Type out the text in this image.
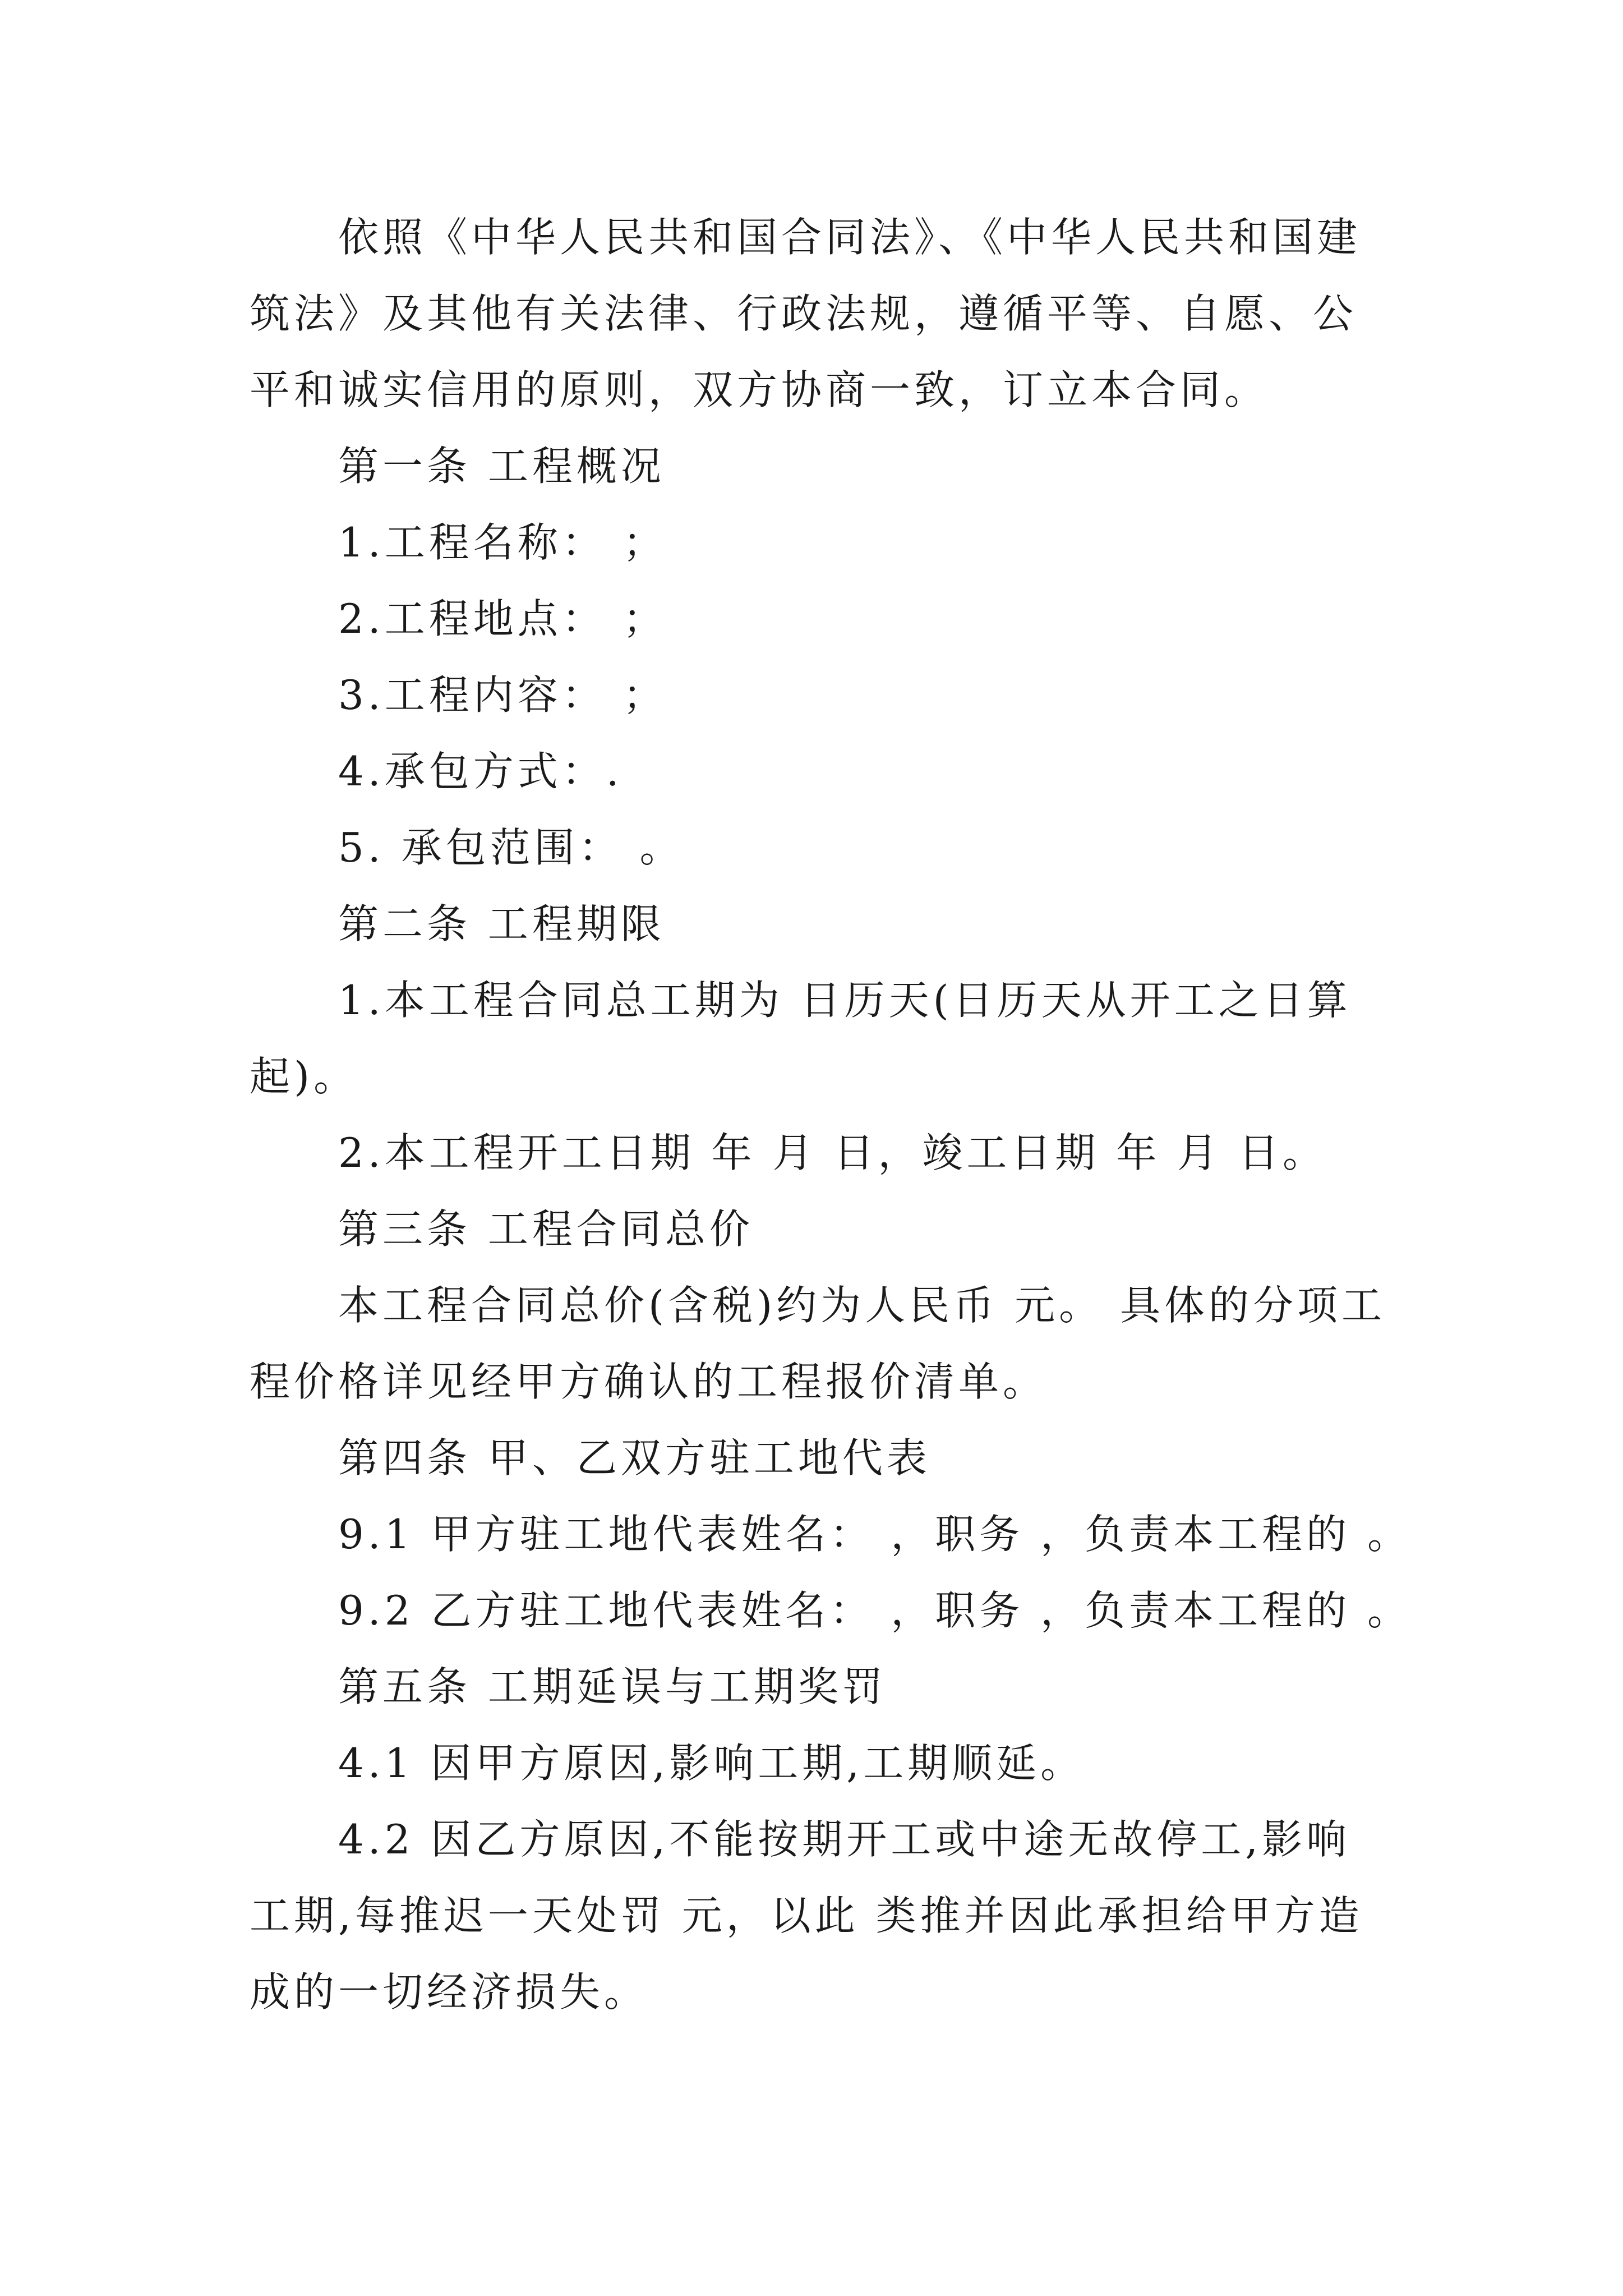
依照《中华人民共和国合同法》、《中华人民共和国建筑法》及其他有关法律、行政法规，遵循平等、自愿、公平和诚实信用的原则，双方协商一致，订立本合同。

第一条 工程概况

1.工程名称： ；

2.工程地点： ；

3.工程内容： ；

4.承包方式：.

5. 承包范围： 。

第二条 工程期限

1.本工程合同总工期为 日历天(日历天从开工之日算起)。

2.本工程开工日期 年 月 日，竣工日期 年 月 日。

第三条 工程合同总价

本工程合同总价(含税)约为人民币 元。 具体的分项工程价格详见经甲方确认的工程报价清单。

第四条 甲、乙双方驻工地代表

9.1 甲方驻工地代表姓名： ，职务 ，负责本工程的 。

9.2 乙方驻工地代表姓名： ，职务 ，负责本工程的 。

第五条 工期延误与工期奖罚

4.1 因甲方原因,影响工期,工期顺延。

4.2 因乙方原因,不能按期开工或中途无故停工,影响工期,每推迟一天处罚 元，以此 类推并因此承担给甲方造成的一切经济损失。
